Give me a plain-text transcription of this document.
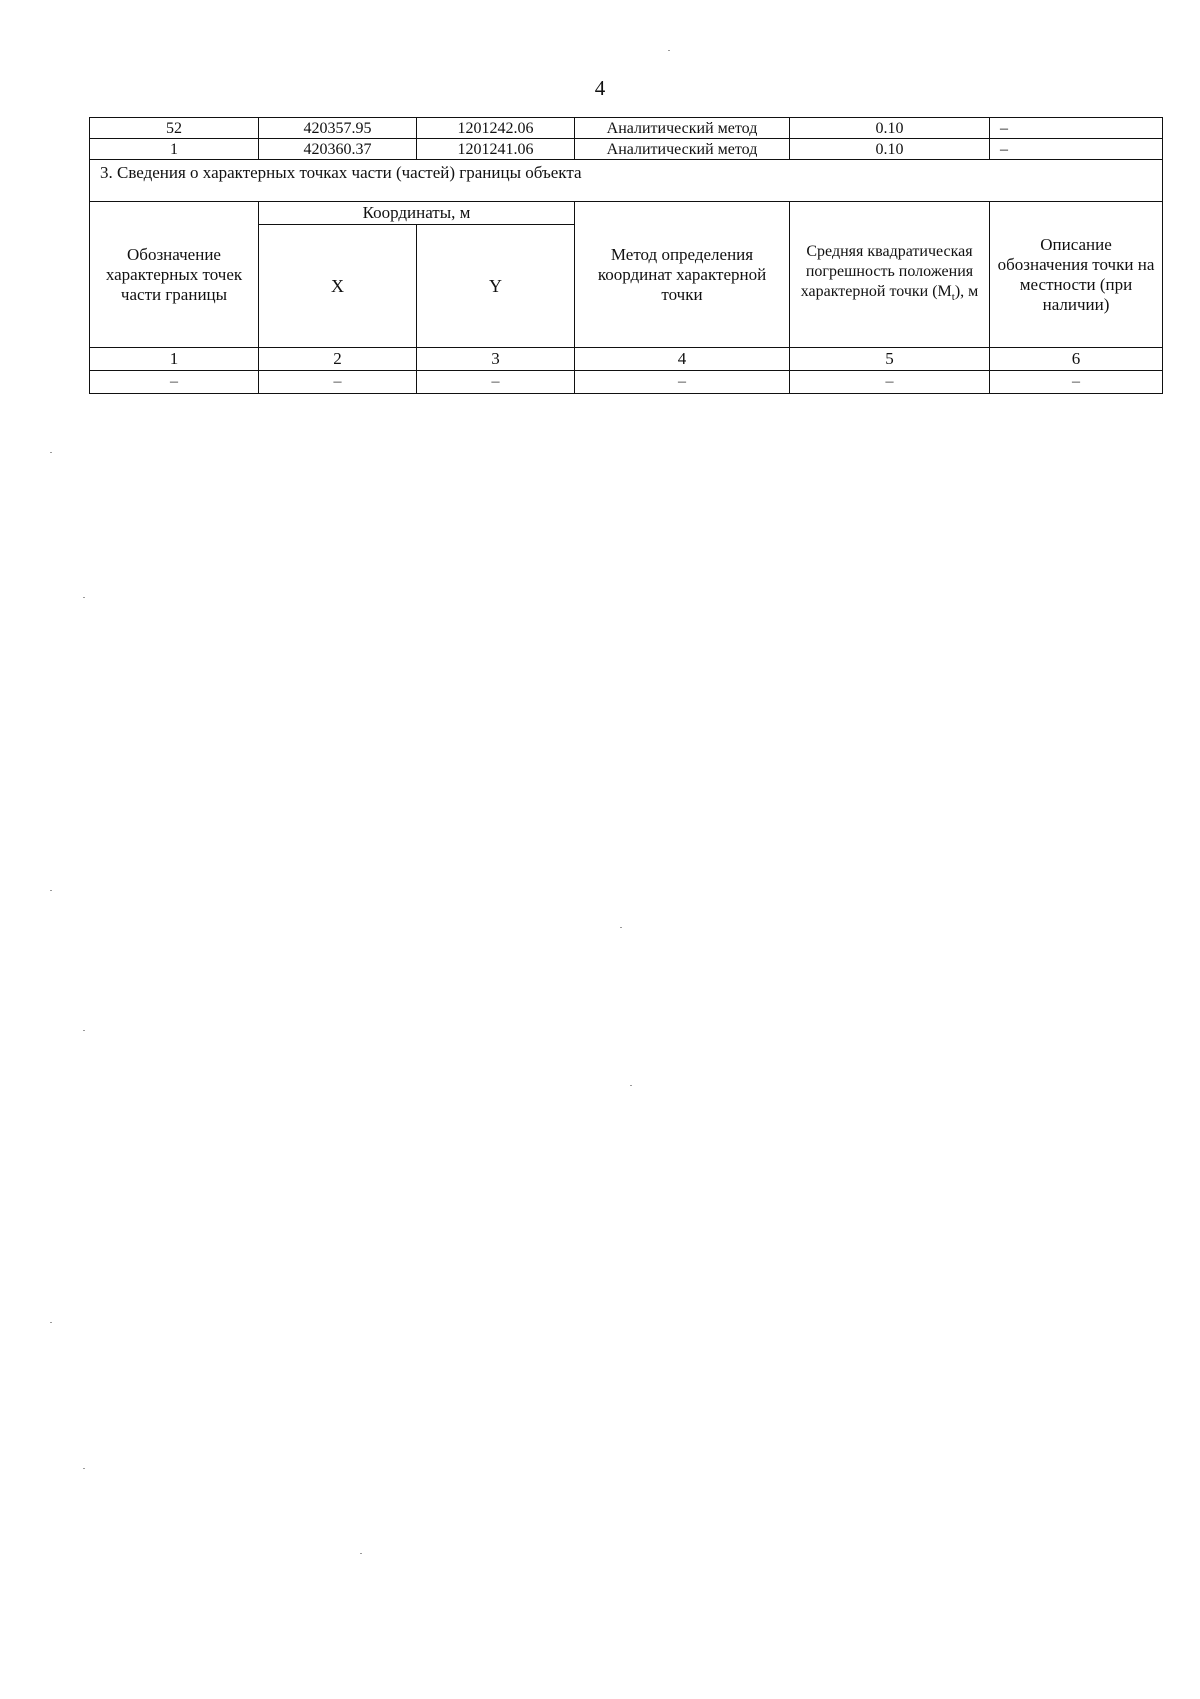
4
52	420357.95	1201242.06	Аналитический метод	0.10	–
1	420360.37	1201241.06	Аналитический метод	0.10	–
3. Сведения о характерных точках части (частей) границы объекта					
Обозначение характерных точек части границы	Координаты, м		Метод определения координат характерной точки	Средняя квадратическая погрешность положения характерной точки $(M_t)$, м	Описание обозначения точки на местности (при наличии)
	X	Y			
1	2	3	4	5	6
–	–	–	–	–	–
